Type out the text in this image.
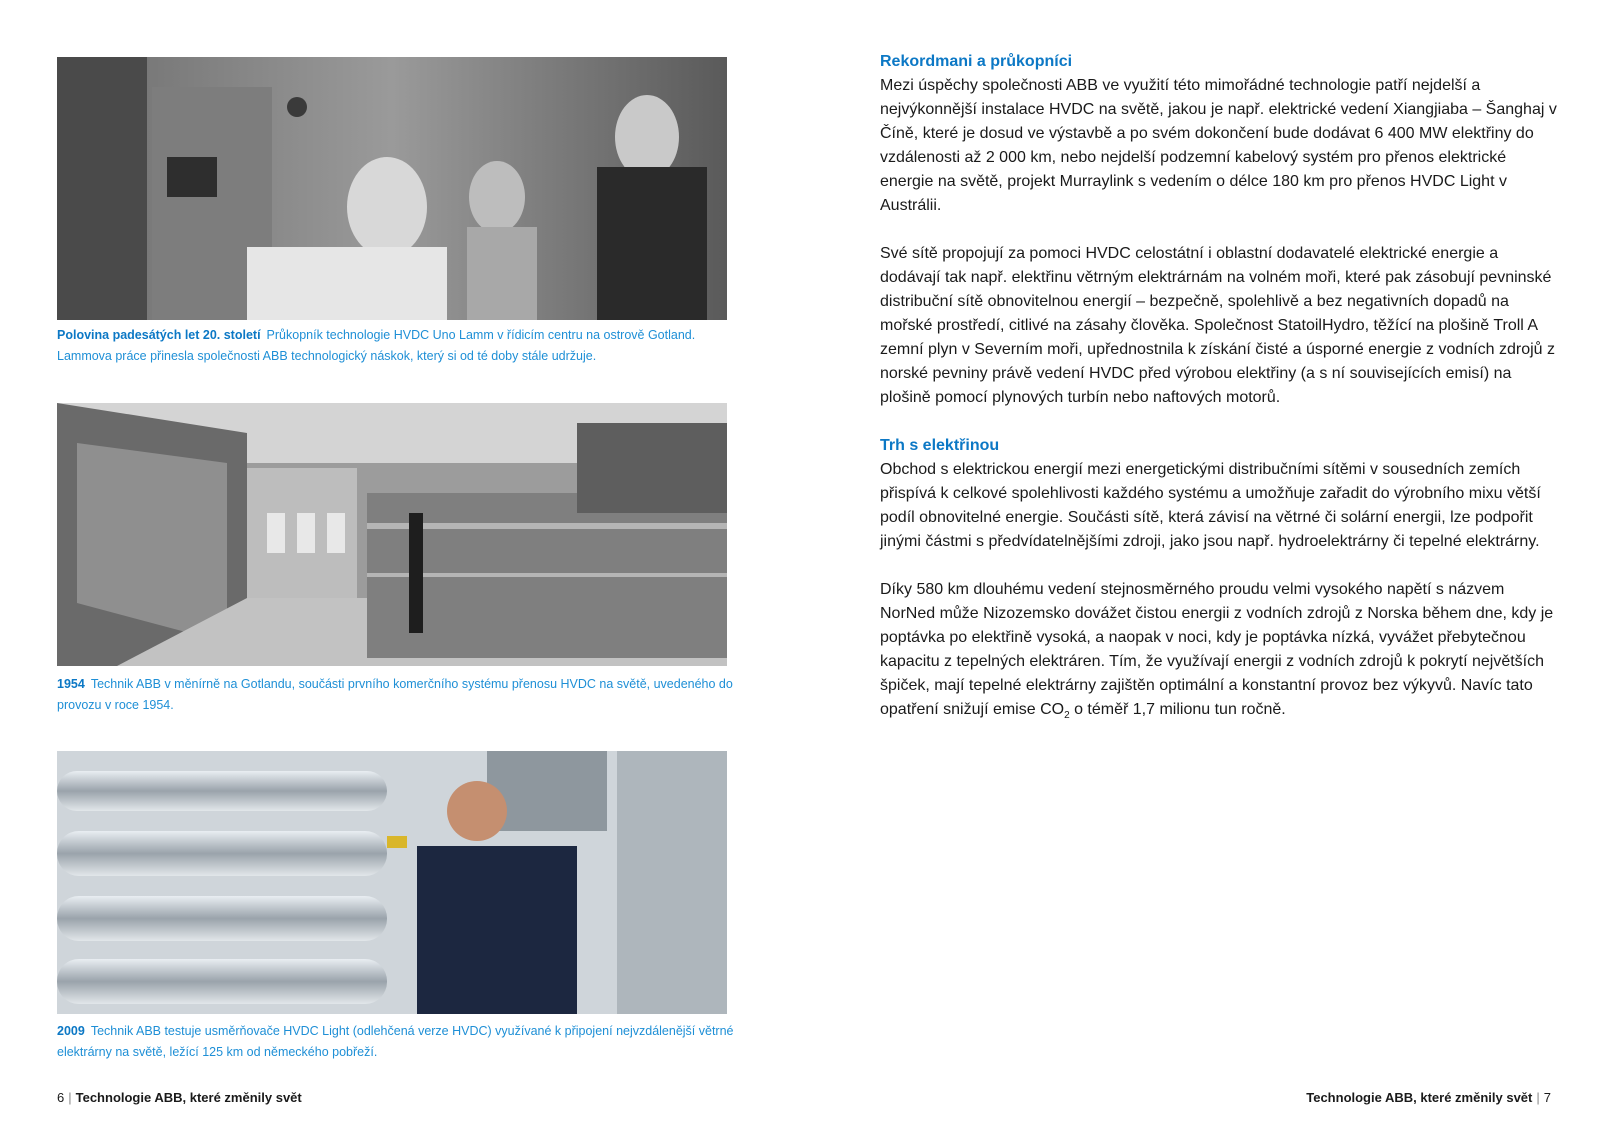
Polovina padesátých let 20. století Průkopník technologie HVDC Uno Lamm v řídicím centru na ostrově Gotland. Lammova práce přinesla společnosti ABB technologický náskok, který si od té doby stále udržuje.
1954 Technik ABB v měnírně na Gotlandu, součásti prvního komerčního systému přenosu HVDC na světě, uvedeného do provozu v roce 1954.
2009 Technik ABB testuje usměrňovače HVDC Light (odlehčená verze HVDC) využívané k připojení nejvzdálenější větrné elektrárny na světě, ležící 125 km od německého pobřeží.
Rekordmani a průkopníci

Mezi úspěchy společnosti ABB ve využití této mimořádné technologie patří nejdelší a nejvýkonnější instalace HVDC na světě, jakou je např. elektrické vedení Xiangjiaba – Šanghaj v Číně, které je dosud ve výstavbě a po svém dokončení bude dodávat 6 400 MW elektřiny do vzdálenosti až 2 000 km, nebo nejdelší podzemní kabelový systém pro přenos elektrické energie na světě, projekt Murraylink s vedením o délce 180 km pro přenos HVDC Light v Austrálii.

Své sítě propojují za pomoci HVDC celostátní i oblastní dodavatelé elektrické energie a dodávají tak např. elektřinu větrným elektrárnám na volném moři, které pak zásobují pevninské distribuční sítě obnovitelnou energií – bezpečně, spolehlivě a bez negativních dopadů na mořské prostředí, citlivé na zásahy člověka. Společnost StatoilHydro, těžící na plošině Troll A zemní plyn v Severním moři, upřednostnila k získání čisté a úsporné energie z vodních zdrojů z norské pevniny právě vedení HVDC před výrobou elektřiny (a s ní souvisejících emisí) na plošině pomocí plynových turbín nebo naftových motorů.

Trh s elektřinou

Obchod s elektrickou energií mezi energetickými distribučními sítěmi v sousedních zemích přispívá k celkové spolehlivosti každého systému a umožňuje zařadit do výrobního mixu větší podíl obnovitelné energie. Součásti sítě, která závisí na větrné či solární energii, lze podpořit jinými částmi s předvídatelnějšími zdroji, jako jsou např. hydroelektrárny či tepelné elektrárny.

Díky 580 km dlouhému vedení stejnosměrného proudu velmi vysokého napětí s názvem NorNed může Nizozemsko dovážet čistou energii z vodních zdrojů z Norska během dne, kdy je poptávka po elektřině vysoká, a naopak v noci, kdy je poptávka nízká, vyvážet přebytečnou kapacitu z tepelných elektráren. Tím, že využívají energii z vodních zdrojů k pokrytí největších špiček, mají tepelné elektrárny zajištěn optimální a konstantní provoz bez výkyvů. Navíc tato opatření snižují emise $CO_2$ o téměř 1,7 milionu tun ročně.

6 | Technologie ABB, které změnily svět	Technologie ABB, které změnily svět | 7
